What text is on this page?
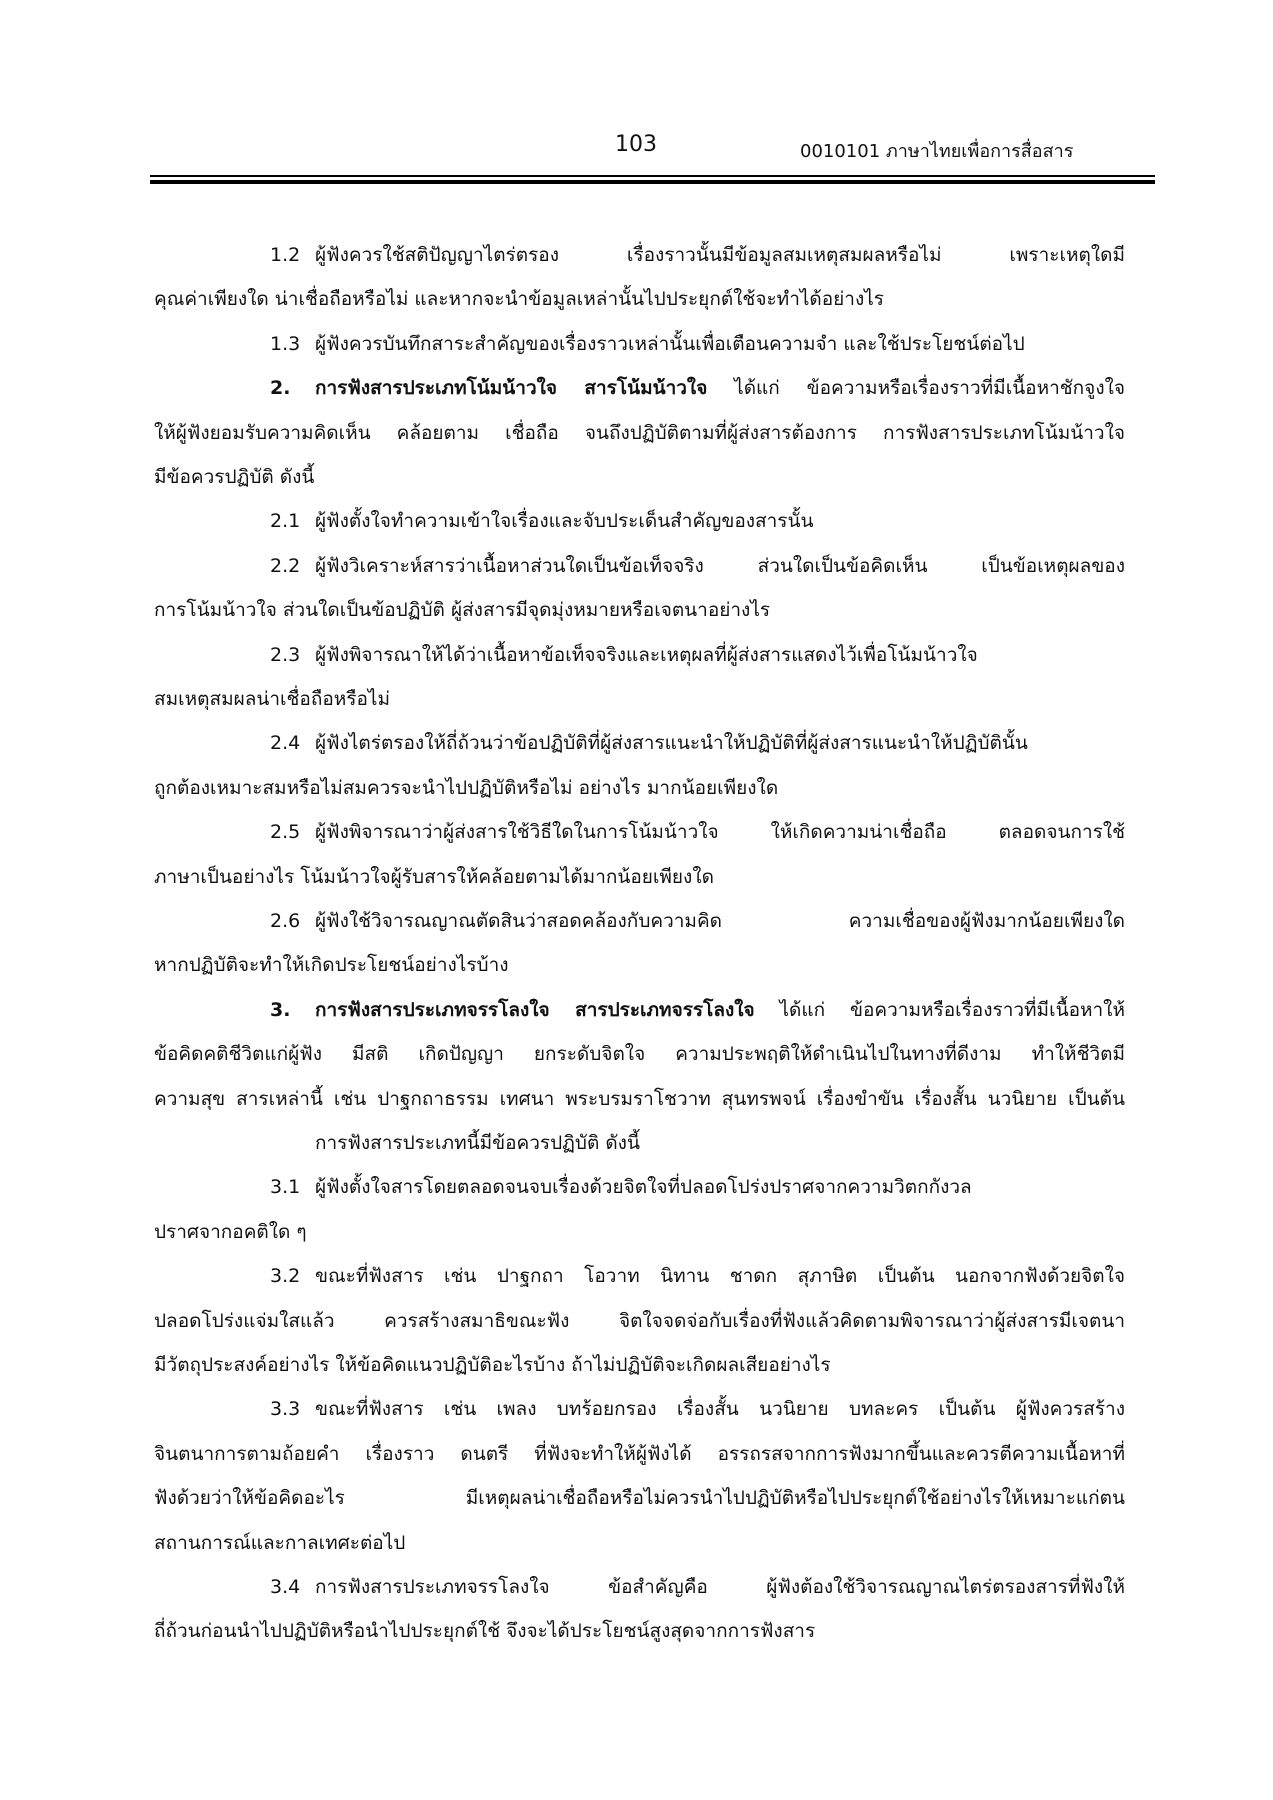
103	0010101 ภาษาไทยเพื่อการสื่อสาร
1.2 ผู้ฟังควรใช้สติปัญญาไตร่ตรอง เรื่องราวนั้นมีข้อมูลสมเหตุสมผลหรือไม่ เพราะเหตุใดมี
คุณค่าเพียงใด น่าเชื่อถือหรือไม่ และหากจะนำข้อมูลเหล่านั้นไปประยุกต์ใช้จะทำได้อย่างไร
1.3 ผู้ฟังควรบันทึกสาระสำคัญของเรื่องราวเหล่านั้นเพื่อเตือนความจำ และใช้ประโยชน์ต่อไป
2. การฟังสารประเภทโน้มน้าวใจ สารโน้มน้าวใจ ได้แก่ ข้อความหรือเรื่องราวที่มีเนื้อหาชักจูงใจ
ให้ผู้ฟังยอมรับความคิดเห็น คล้อยตาม เชื่อถือ จนถึงปฏิบัติตามที่ผู้ส่งสารต้องการ การฟังสารประเภทโน้มน้าวใจ
มีข้อควรปฏิบัติ ดังนี้
2.1 ผู้ฟังตั้งใจทำความเข้าใจเรื่องและจับประเด็นสำคัญของสารนั้น
2.2 ผู้ฟังวิเคราะห์สารว่าเนื้อหาส่วนใดเป็นข้อเท็จจริง ส่วนใดเป็นข้อคิดเห็น เป็นข้อเหตุผลของ
การโน้มน้าวใจ ส่วนใดเป็นข้อปฏิบัติ ผู้ส่งสารมีจุดมุ่งหมายหรือเจตนาอย่างไร
2.3 ผู้ฟังพิจารณาให้ได้ว่าเนื้อหาข้อเท็จจริงและเหตุผลที่ผู้ส่งสารแสดงไว้เพื่อโน้มน้าวใจ
สมเหตุสมผลน่าเชื่อถือหรือไม่
2.4 ผู้ฟังไตร่ตรองให้ถี่ถ้วนว่าข้อปฏิบัติที่ผู้ส่งสารแนะนำให้ปฏิบัติที่ผู้ส่งสารแนะนำให้ปฏิบัตินั้น
ถูกต้องเหมาะสมหรือไม่สมควรจะนำไปปฏิบัติหรือไม่ อย่างไร มากน้อยเพียงใด
2.5 ผู้ฟังพิจารณาว่าผู้ส่งสารใช้วิธีใดในการโน้มน้าวใจ ให้เกิดความน่าเชื่อถือ ตลอดจนการใช้
ภาษาเป็นอย่างไร โน้มน้าวใจผู้รับสารให้คล้อยตามได้มากน้อยเพียงใด
2.6 ผู้ฟังใช้วิจารณญาณตัดสินว่าสอดคล้องกับความคิด ความเชื่อของผู้ฟังมากน้อยเพียงใด
หากปฏิบัติจะทำให้เกิดประโยชน์อย่างไรบ้าง
3. การฟังสารประเภทจรรโลงใจ สารประเภทจรรโลงใจ ได้แก่ ข้อความหรือเรื่องราวที่มีเนื้อหาให้
ข้อคิดคติชีวิตแก่ผู้ฟัง มีสติ เกิดปัญญา ยกระดับจิตใจ ความประพฤติให้ดำเนินไปในทางที่ดีงาม ทำให้ชีวิตมี
ความสุข สารเหล่านี้ เช่น ปาฐกถาธรรม เทศนา พระบรมราโชวาท สุนทรพจน์ เรื่องขำขัน เรื่องสั้น นวนิยาย เป็นต้น
การฟังสารประเภทนี้มีข้อควรปฏิบัติ ดังนี้
3.1 ผู้ฟังตั้งใจสารโดยตลอดจนจบเรื่องด้วยจิตใจที่ปลอดโปร่งปราศจากความวิตกกังวล
ปราศจากอคติใด ๆ
3.2 ขณะที่ฟังสาร เช่น ปาฐกถา โอวาท นิทาน ชาดก สุภาษิต เป็นต้น นอกจากฟังด้วยจิตใจ
ปลอดโปร่งแจ่มใสแล้ว ควรสร้างสมาธิขณะฟัง จิตใจจดจ่อกับเรื่องที่ฟังแล้วคิดตามพิจารณาว่าผู้ส่งสารมีเจตนา
มีวัตถุประสงค์อย่างไร ให้ข้อคิดแนวปฏิบัติอะไรบ้าง ถ้าไม่ปฏิบัติจะเกิดผลเสียอย่างไร
3.3 ขณะที่ฟังสาร เช่น เพลง บทร้อยกรอง เรื่องสั้น นวนิยาย บทละคร เป็นต้น ผู้ฟังควรสร้าง
จินตนาการตามถ้อยคำ เรื่องราว ดนตรี ที่ฟังจะทำให้ผู้ฟังได้ อรรถรสจากการฟังมากขึ้นและควรตีความเนื้อหาที่
ฟังด้วยว่าให้ข้อคิดอะไร มีเหตุผลน่าเชื่อถือหรือไม่ควรนำไปปฏิบัติหรือไปประยุกต์ใช้อย่างไรให้เหมาะแก่ตน
สถานการณ์และกาลเทศะต่อไป
3.4 การฟังสารประเภทจรรโลงใจ ข้อสำคัญคือ ผู้ฟังต้องใช้วิจารณญาณไตร่ตรองสารที่ฟังให้
ถี่ถ้วนก่อนนำไปปฏิบัติหรือนำไปประยุกต์ใช้ จึงจะได้ประโยชน์สูงสุดจากการฟังสาร
